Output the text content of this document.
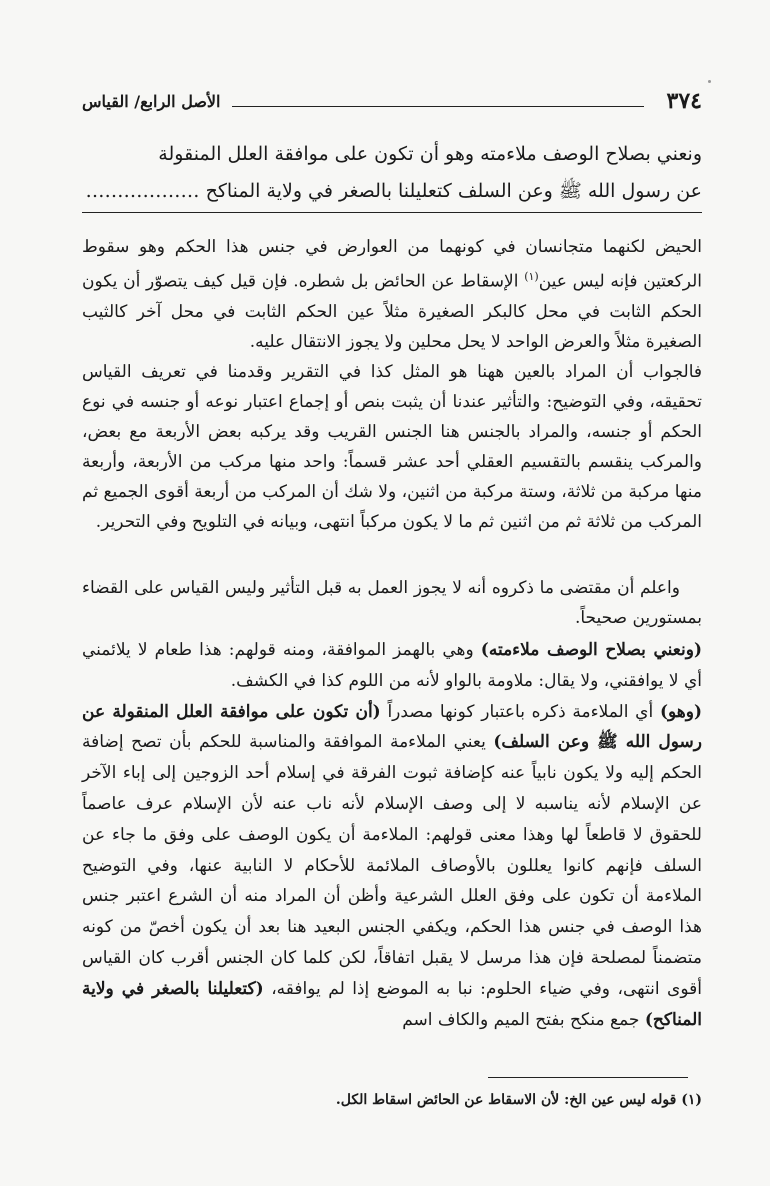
٣٧٤
الأصل الرابع/ القياس
ونعني بصلاح الوصف ملاءمته وهو أن تكون على موافقة العلل المنقولة
عن رسول الله ﷺ وعن السلف كتعليلنا بالصغر في ولاية المناكح ………………

الحيض لكنهما متجانسان في كونهما من العوارض في جنس هذا الحكم وهو سقوط الركعتين فإنه ليس عين$^{(١)}$ الإسقاط عن الحائض بل شطره. فإن قيل كيف يتصوّر أن يكون الحكم الثابت في محل كالبكر الصغيرة مثلاً عين الحكم الثابت في محل آخر كالثيب الصغيرة مثلاً والعرض الواحد لا يحل محلين ولا يجوز الانتقال عليه.

فالجواب أن المراد بالعين ههنا هو المثل كذا في التقرير وقدمنا في تعريف القياس تحقيقه، وفي التوضيح: والتأثير عندنا أن يثبت بنص أو إجماع اعتبار نوعه أو جنسه في نوع الحكم أو جنسه، والمراد بالجنس هنا الجنس القريب وقد يركبه بعض الأربعة مع بعض، والمركب ينقسم بالتقسيم العقلي أحد عشر قسماً: واحد منها مركب من الأربعة، وأربعة منها مركبة من ثلاثة، وستة مركبة من اثنين، ولا شك أن المركب من أربعة أقوى الجميع ثم المركب من ثلاثة ثم من اثنين ثم ما لا يكون مركباً انتهى، وبيانه في التلويح وفي التحرير.

واعلم أن مقتضى ما ذكروه أنه لا يجوز العمل به قبل التأثير وليس القياس على القضاء بمستورين صحيحاً.

(ونعني بصلاح الوصف ملاءمته) وهي بالهمز الموافقة، ومنه قولهم: هذا طعام لا يلائمني أي لا يوافقني، ولا يقال: ملاومة بالواو لأنه من اللوم كذا في الكشف.
(وهو) أي الملاءمة ذكره باعتبار كونها مصدراً (أن تكون على موافقة العلل المنقولة عن رسول الله ﷺ وعن السلف) يعني الملاءمة الموافقة والمناسبة للحكم بأن تصح إضافة الحكم إليه ولا يكون نابياً عنه كإضافة ثبوت الفرقة في إسلام أحد الزوجين إلى إباء الآخر عن الإسلام لأنه يناسبه لا إلى وصف الإسلام لأنه ناب عنه لأن الإسلام عرف عاصماً للحقوق لا قاطعاً لها وهذا معنى قولهم: الملاءمة أن يكون الوصف على وفق ما جاء عن السلف فإنهم كانوا يعللون بالأوصاف الملائمة للأحكام لا النابية عنها، وفي التوضيح الملاءمة أن تكون على وفق العلل الشرعية وأظن أن المراد منه أن الشرع اعتبر جنس هذا الوصف في جنس هذا الحكم، ويكفي الجنس البعيد هنا بعد أن يكون أخصّ من كونه متضمناً لمصلحة فإن هذا مرسل لا يقبل اتفاقاً، لكن كلما كان الجنس أقرب كان القياس أقوى انتهى، وفي ضياء الحلوم: نبا به الموضع إذا لم يوافقه، (كتعليلنا بالصغر في ولاية المناكح) جمع منكح بفتح الميم والكاف اسم

(١) قوله ليس عين الخ: لأن الاسقاط عن الحائض اسقاط الكل.
